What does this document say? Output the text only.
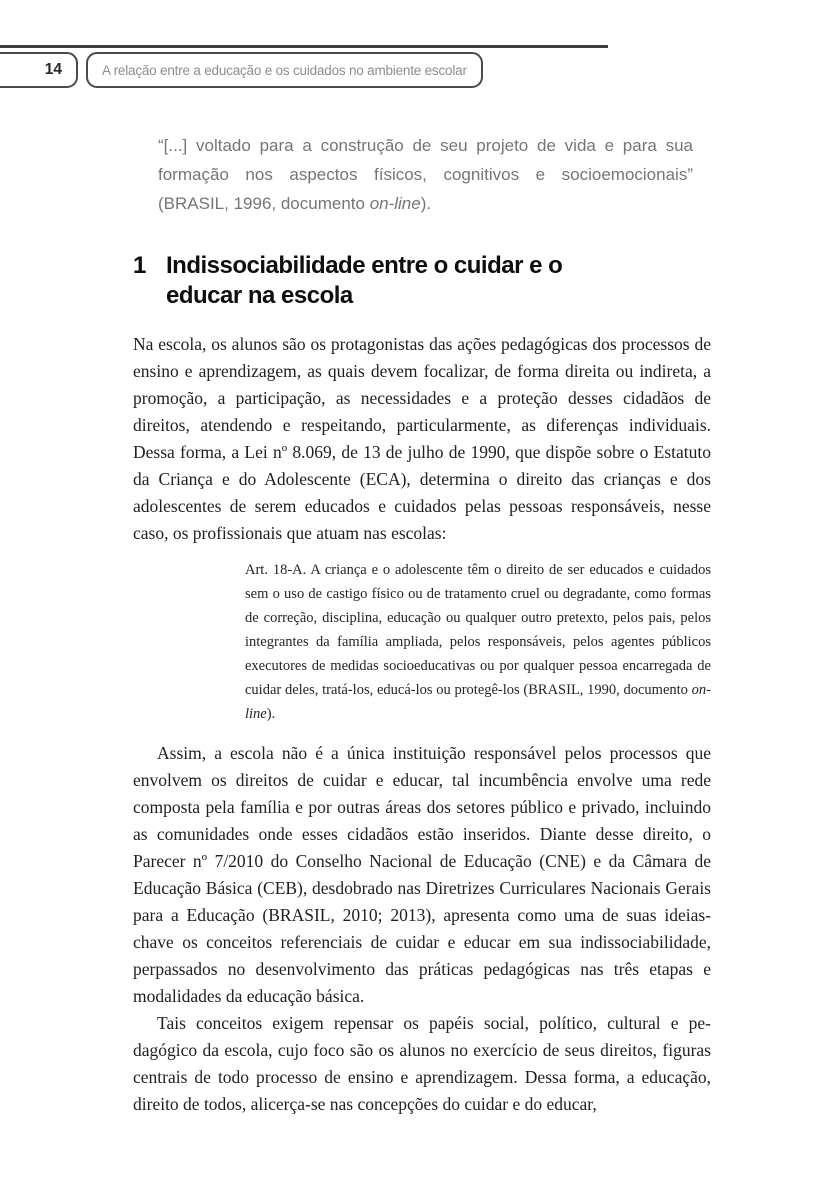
14	A relação entre a educação e os cuidados no ambiente escolar
“[...] voltado para a construção de seu projeto de vida e para sua formação nos aspectos físicos, cognitivos e socioemocionais” (BRASIL, 1996, documento on-line).
1 Indissociabilidade entre o cuidar e o educar na escola

Na escola, os alunos são os protagonistas das ações pedagógicas dos processos de ensino e aprendizagem, as quais devem focalizar, de forma direita ou indireta, a promoção, a participação, as necessidades e a proteção desses cidadãos de direitos, atendendo e respeitando, particularmente, as diferenças individuais. Dessa forma, a Lei nº 8.069, de 13 de julho de 1990, que dispõe sobre o Estatuto da Criança e do Adolescente (ECA), determina o direito das crianças e dos adolescentes de serem educados e cuidados pelas pessoas responsáveis, nesse caso, os profissionais que atuam nas escolas:

Art. 18-A. A criança e o adolescente têm o direito de ser educados e cuidados sem o uso de castigo físico ou de tratamento cruel ou degradante, como formas de correção, disciplina, educação ou qualquer outro pretexto, pelos pais, pelos integrantes da família ampliada, pelos responsáveis, pelos agentes públicos executores de medidas socioeducativas ou por qualquer pessoa encarregada de cuidar deles, tratá-los, educá-los ou protegê-los (BRASIL, 1990, documento on-line).

Assim, a escola não é a única instituição responsável pelos processos que envolvem os direitos de cuidar e educar, tal incumbência envolve uma rede composta pela família e por outras áreas dos setores público e privado, incluindo as comunidades onde esses cidadãos estão inseridos. Diante desse direito, o Parecer nº 7/2010 do Conselho Nacional de Educação (CNE) e da Câmara de Educação Básica (CEB), desdobrado nas Diretrizes Curriculares Nacionais Gerais para a Educação (BRASIL, 2010; 2013), apresenta como uma de suas ideias-chave os conceitos referenciais de cuidar e educar em sua indissociabilidade, perpassados no desenvolvimento das práticas pedagógicas nas três etapas e modalidades da educação básica.

Tais conceitos exigem repensar os papéis social, político, cultural e pedagógico da escola, cujo foco são os alunos no exercício de seus direitos, figuras centrais de todo processo de ensino e aprendizagem. Dessa forma, a educação, direito de todos, alicerça-se nas concepções do cuidar e do educar,
